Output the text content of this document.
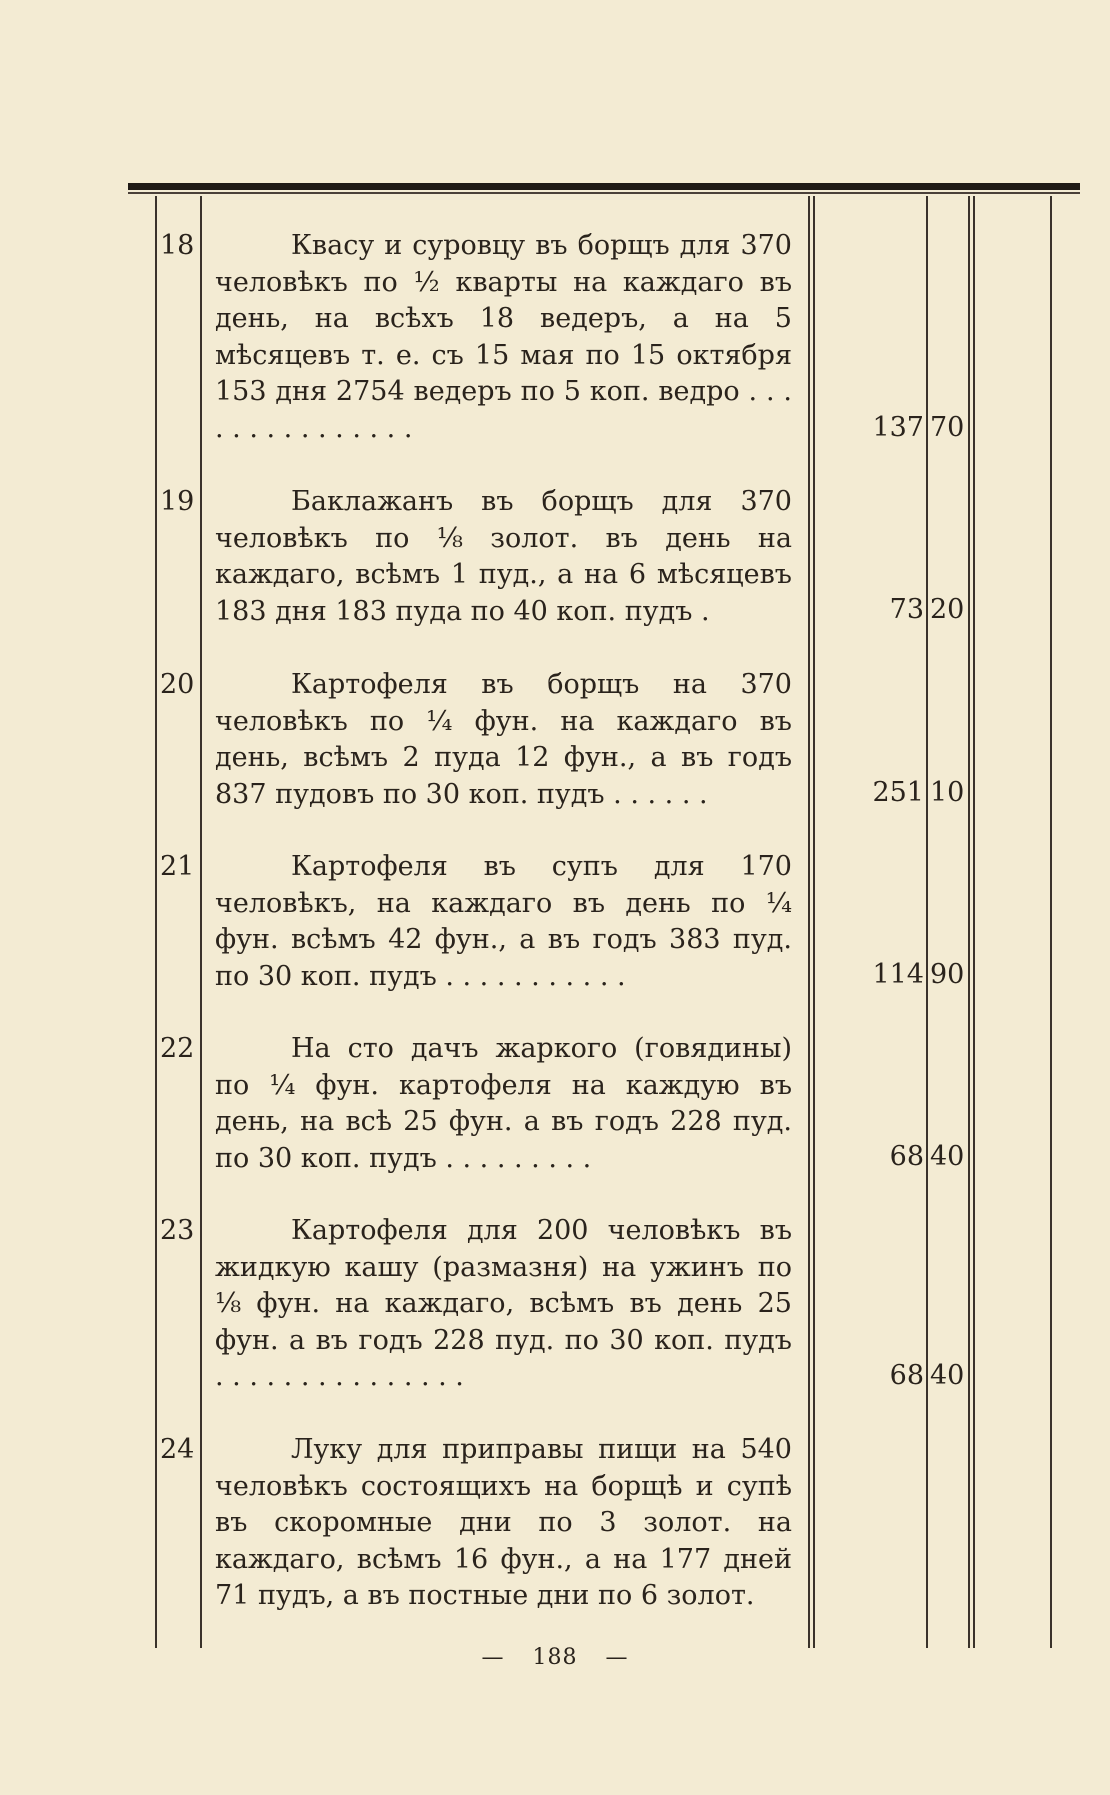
18	Квасу и суровцу въ борщъ для 370 человѣкъ по ½ кварты на каждаго въ день, на всѣхъ 18 ведеръ, а на 5 мѣсяцевъ т. е. съ 15 мая по 15 октября 153 дня 2754 ведеръ по 5 коп. ведро . . . . . . . . . . . . . . .	137 70
19	Баклажанъ въ борщъ для 370 человѣкъ по ⅛ золот. въ день на каждаго, всѣмъ 1 пуд., а на 6 мѣсяцевъ 183 дня 183 пуда по 40 коп. пудъ .	73 20
20	Картофеля въ борщъ на 370 человѣкъ по ¼ фун. на каждаго въ день, всѣмъ 2 пуда 12 фун., а въ годъ 837 пудовъ по 30 коп. пудъ . . . . . .	251 10
21	Картофеля въ супъ для 170 человѣкъ, на каждаго въ день по ¼ фун. всѣмъ 42 фун., а въ годъ 383 пуд. по 30 коп. пудъ . . . . . . . . . . .	114 90
22	На сто дачъ жаркого (говядины) по ¼ фун. картофеля на каждую въ день, на всѣ 25 фун. а въ годъ 228 пуд. по 30 коп. пудъ . . . . . . . . .	68 40
23	Картофеля для 200 человѣкъ въ жидкую кашу (размазня) на ужинъ по ⅛ фун. на каждаго, всѣмъ въ день 25 фун. а въ годъ 228 пуд. по 30 коп. пудъ . . . . . . . . . . . . . . .	68 40
24	Луку для приправы пищи на 540 человѣкъ состоящихъ на борщѣ и супѣ въ скоромные дни по 3 золот. на каждаго, всѣмъ 16 фун., а на 177 дней 71 пудъ, а въ постные дни по 6 золот.

— 188 —
